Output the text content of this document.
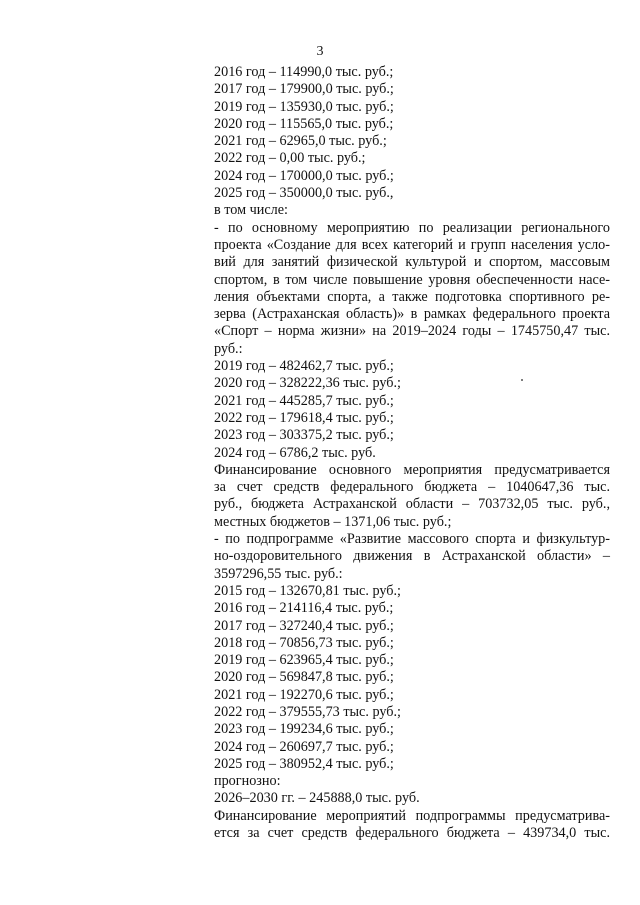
3
2016 год – 114990,0 тыс. руб.;
2017 год – 179900,0 тыс. руб.;
2019 год – 135930,0 тыс. руб.;
2020 год – 115565,0 тыс. руб.;
2021 год – 62965,0 тыс. руб.;
2022 год – 0,00 тыс. руб.;
2024 год – 170000,0 тыс. руб.;
2025 год – 350000,0 тыс. руб.,
в том числе:
- по основному мероприятию по реализации регионального
проекта «Создание для всех категорий и групп населения усло-
вий для занятий физической культурой и спортом, массовым
спортом, в том числе повышение уровня обеспеченности насе-
ления объектами спорта, а также подготовка спортивного ре-
зерва (Астраханская область)» в рамках федерального проекта
«Спорт – норма жизни» на 2019–2024 годы – 1745750,47 тыс.
руб.:
2019 год – 482462,7 тыс. руб.;
2020 год – 328222,36 тыс. руб.;
2021 год – 445285,7 тыс. руб.;
2022 год – 179618,4 тыс. руб.;
2023 год – 303375,2 тыс. руб.;
2024 год – 6786,2 тыс. руб.
Финансирование основного мероприятия предусматривается
за счет средств федерального бюджета – 1040647,36 тыс.
руб., бюджета Астраханской области – 703732,05 тыс. руб.,
местных бюджетов – 1371,06 тыс. руб.;
- по подпрограмме «Развитие массового спорта и физкультур-
но-оздоровительного движения в Астраханской области» –
3597296,55 тыс. руб.:
2015 год – 132670,81 тыс. руб.;
2016 год – 214116,4 тыс. руб.;
2017 год – 327240,4 тыс. руб.;
2018 год – 70856,73 тыс. руб.;
2019 год – 623965,4 тыс. руб.;
2020 год – 569847,8 тыс. руб.;
2021 год – 192270,6 тыс. руб.;
2022 год – 379555,73 тыс. руб.;
2023 год – 199234,6 тыс. руб.;
2024 год – 260697,7 тыс. руб.;
2025 год – 380952,4 тыс. руб.;
прогнозно:
2026–2030 гг. – 245888,0 тыс. руб.
Финансирование мероприятий подпрограммы предусматрива-
ется за счет средств федерального бюджета – 439734,0 тыс.
